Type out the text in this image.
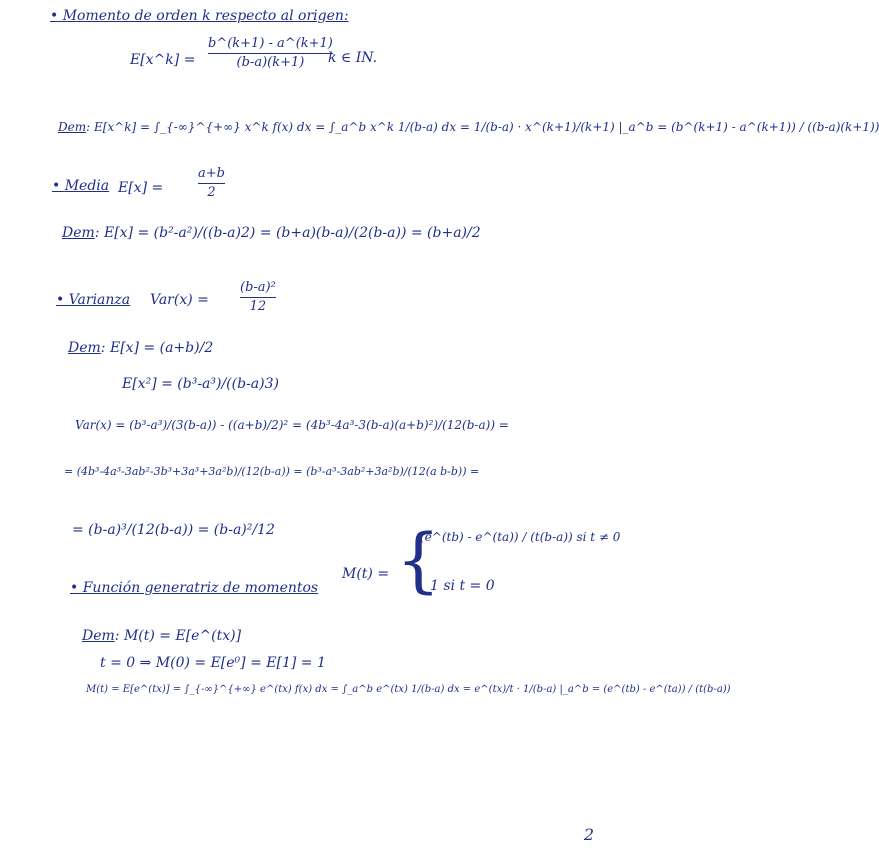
• Momento de orden k respecto al origen:
E[x^k] =
b^(k+1) - a^(k+1)
(b-a)(k+1) k ∈ IN.
Dem: E[x^k] = ∫_{-∞}^{+∞} x^k f(x) dx = ∫_a^b x^k 1/(b-a) dx = 1/(b-a) · x^(k+1)/(k+1) |_a^b = (b^(k+1) - a^(k+1)) / ((b-a)(k+1))
• Media E[x] =
a+b
2
Dem: E[x] = (b²-a²)/((b-a)2) = (b+a)(b-a)/(2(b-a)) = (b+a)/2
• Varianza Var(x) =
(b-a)²
12
Dem: E[x] = (a+b)/2
E[x²] = (b³-a³)/((b-a)3)
Var(x) = (b³-a³)/(3(b-a)) - ((a+b)/2)² = (4b³-4a³-3(b-a)(a+b)²)/(12(b-a)) =
= (4b³-4a³-3ab²-3b³+3a³+3a²b)/(12(b-a)) = (b³-a³-3ab²+3a²b)/(12(a b-b)) =
= (b-a)³/(12(b-a)) = (b-a)²/12
• Función generatriz de momentos
M(t) = {
(e^(tb) - e^(ta)) / (t(b-a)) si t ≠ 0
1 si t = 0
Dem: M(t) = E[e^(tx)]
t = 0 ⇒ M(0) = E[e⁰] = E[1] = 1
M(t) = E[e^(tx)] = ∫_{-∞}^{+∞} e^(tx) f(x) dx = ∫_a^b e^(tx) 1/(b-a) dx = e^(tx)/t · 1/(b-a) |_a^b = (e^(tb) - e^(ta)) / (t(b-a))
2
